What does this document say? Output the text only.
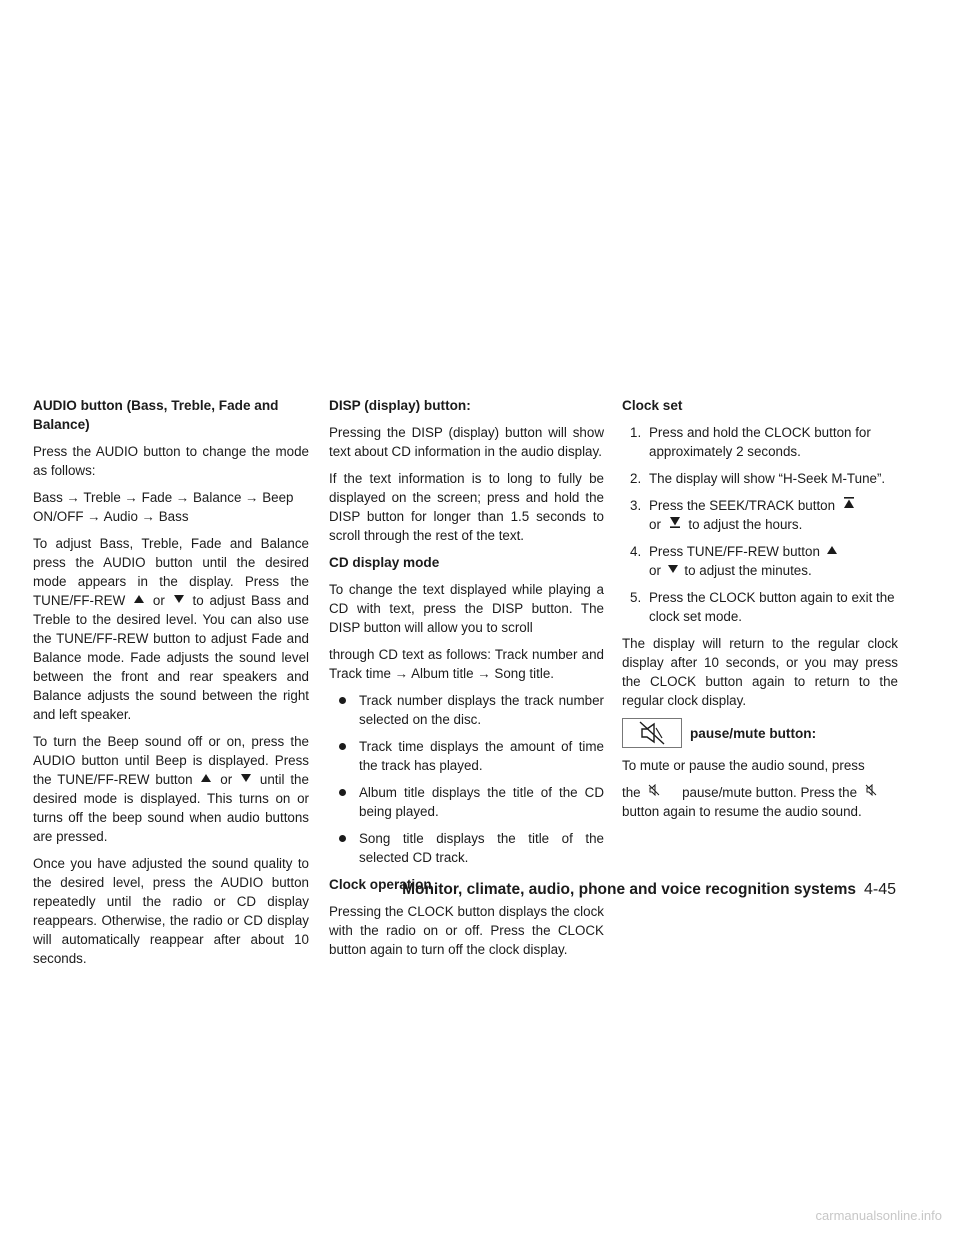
AUDIO button (Bass, Treble, Fade and Balance)

Press the AUDIO button to change the mode as follows:

Bass → Treble → Fade → Balance → Beep ON/OFF → Audio → Bass

To adjust Bass, Treble, Fade and Balance press the AUDIO button until the desired mode appears in the display. Press the TUNE/FF-REW or to adjust Bass and Treble to the desired level. You can also use the TUNE/FF-REW button to adjust Fade and Balance mode. Fade adjusts the sound level between the front and rear speakers and Balance adjusts the sound between the right and left speaker.

To turn the Beep sound off or on, press the AUDIO button until Beep is displayed. Press the TUNE/FF-REW button or until the desired mode is displayed. This turns on or turns off the beep sound when audio buttons are pressed.

Once you have adjusted the sound quality to the desired level, press the AUDIO button repeatedly until the radio or CD display reappears. Otherwise, the radio or CD display will automatically reappear after about 10 seconds.

DISP (display) button:

Pressing the DISP (display) button will show text about CD information in the audio display.

If the text information is to long to fully be displayed on the screen; press and hold the DISP button for longer than 1.5 seconds to scroll through the rest of the text.

CD display mode

To change the text displayed while playing a CD with text, press the DISP button. The DISP button will allow you to scroll

through CD text as follows: Track number and Track time → Album title → Song title.

Track number displays the track number selected on the disc.
Track time displays the amount of time the track has played.
Album title displays the title of the CD being played.
Song title displays the title of the selected CD track.
Clock operation

Pressing the CLOCK button displays the clock with the radio on or off. Press the CLOCK button again to turn off the clock display.

Clock set
1. Press and hold the CLOCK button for approximately 2 seconds.
2. The display will show “H-Seek M-Tune”.
3. Press the SEEK/TRACK button
or to adjust the hours.
4. Press TUNE/FF-REW button
or to adjust the minutes.
5. Press the CLOCK button again to exit the clock set mode.

The display will return to the regular clock display after 10 seconds, or you may press the CLOCK button again to return to the regular clock display.

pause/mute button:

To mute or pause the audio sound, press

the	pause/mute button. Press the
button again to resume the audio sound.

Monitor, climate, audio, phone and voice recognition systems 4-45
carmanualsonline.info
